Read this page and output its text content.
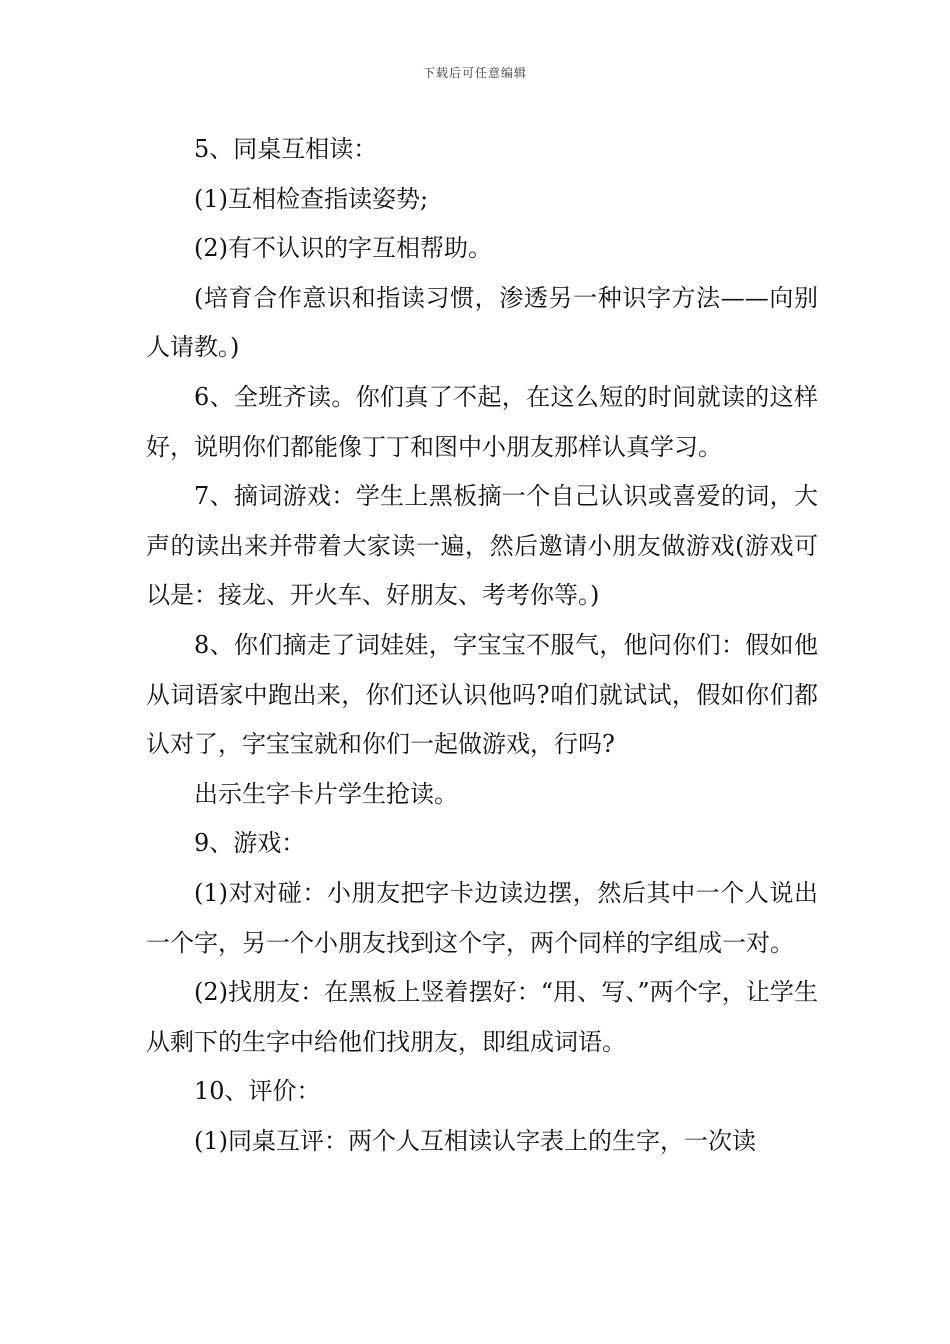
下载后可任意编辑

5、同桌互相读：

(1)互相检查指读姿势;

(2)有不认识的字互相帮助。

(培育合作意识和指读习惯，渗透另一种识字方法——向别人请教。)

6、全班齐读。你们真了不起，在这么短的时间就读的这样好，说明你们都能像丁丁和图中小朋友那样认真学习。

7、摘词游戏：学生上黑板摘一个自己认识或喜爱的词，大声的读出来并带着大家读一遍，然后邀请小朋友做游戏(游戏可以是：接龙、开火车、好朋友、考考你等。)

8、你们摘走了词娃娃，字宝宝不服气，他问你们：假如他从词语家中跑出来，你们还认识他吗?咱们就试试，假如你们都认对了，字宝宝就和你们一起做游戏，行吗?

出示生字卡片学生抢读。

9、游戏：

(1)对对碰：小朋友把字卡边读边摆，然后其中一个人说出一个字，另一个小朋友找到这个字，两个同样的字组成一对。

(2)找朋友：在黑板上竖着摆好：“用、写、”两个字，让学生从剩下的生字中给他们找朋友，即组成词语。

10、评价：

(1)同桌互评：两个人互相读认字表上的生字，一次读
